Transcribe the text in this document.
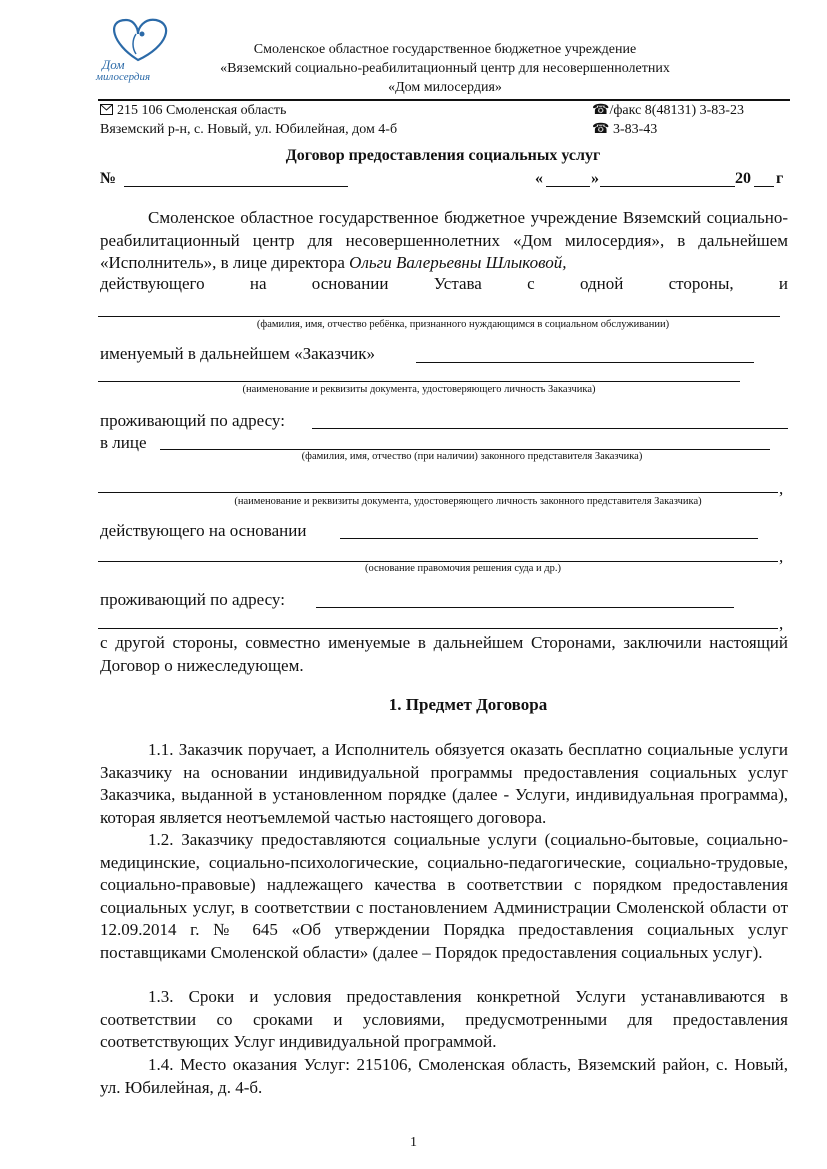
Дом
милосердия
Смоленское областное государственное бюджетное учреждение
«Вяземский социально-реабилитационный центр для несовершеннолетних
«Дом милосердия»
215 106 Смоленская область
Вяземский р-н, с. Новый, ул. Юбилейная, дом 4-б
☎/факс 8(48131) 3-83-23
☎ 3-83-43
Договор предоставления социальных услуг
№	«	»	20 г
Смоленское областное государственное бюджетное учреждение Вяземский социально-реабилитационный центр для несовершеннолетних «Дом милосердия», в дальнейшем «Исполнитель», в лице директора Ольги Валерьевны Шлыковой,
действующего на основании Устава с одной стороны, и
(фамилия, имя, отчество ребёнка, признанного нуждающимся в социальном обслуживании)
именуемый в дальнейшем «Заказчик»
(наименование и реквизиты документа, удостоверяющего личность Заказчика)
проживающий по адресу:
в лице
(фамилия, имя, отчество (при наличии) законного представителя Заказчика)
,
(наименование и реквизиты документа, удостоверяющего личность законного представителя Заказчика)
действующего на основании
,
(основание правомочия решения суда и др.)
проживающий по адресу:
,
с другой стороны, совместно именуемые в дальнейшем Сторонами, заключили настоящий Договор о нижеследующем.
1. Предмет Договора
1.1. Заказчик поручает, а Исполнитель обязуется оказать бесплатно социальные услуги Заказчику на основании индивидуальной программы предоставления социальных услуг Заказчика, выданной в установленном порядке (далее ‑ Услуги, индивидуальная программа), которая является неотъемлемой частью настоящего договора.
1.2. Заказчику предоставляются социальные услуги (социально-бытовые, социально-медицинские, социально-психологические, социально-педагогические, социально-трудовые, социально-правовые) надлежащего качества в соответствии с порядком предоставления социальных услуг, в соответствии с постановлением Администрации Смоленской области от 12.09.2014 г. № 645 «Об утверждении Порядка предоставления социальных услуг поставщиками Смоленской области» (далее – Порядок предоставления социальных услуг).
1.3. Сроки и условия предоставления конкретной Услуги устанавливаются в соответствии со сроками и условиями, предусмотренными для предоставления соответствующих Услуг индивидуальной программой.
1.4. Место оказания Услуг: 215106, Смоленская область, Вяземский район, с. Новый, ул. Юбилейная, д. 4-б.
1
